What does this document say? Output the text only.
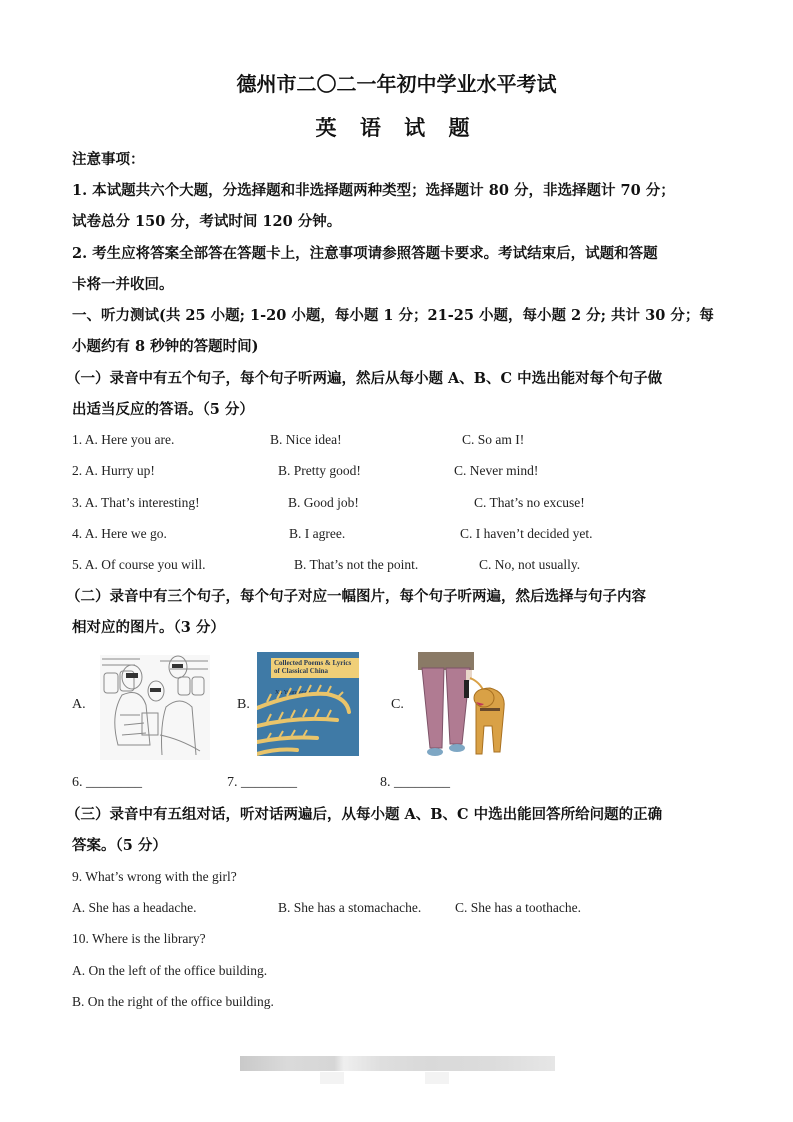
德州市二〇二一年初中学业水平考试
英 语 试 题
注意事项：
1. 本试题共六个大题，分选择题和非选择题两种类型；选择题计 80 分，非选择题计 70 分；
试卷总分 150 分，考试时间 120 分钟。
2. 考生应将答案全部答在答题卡上，注意事项请参照答题卡要求。考试结束后，试题和答题
卡将一并收回。
一、听力测试(共 25 小题; 1-20 小题，每小题 1 分；21-25 小题，每小题 2 分; 共计 30 分；每
小题约有 8 秒钟的答题时间)
（一）录音中有五个句子，每个句子听两遍，然后从每小题 A、B、C 中选出能对每个句子做
出适当反应的答语。（5 分）
1. A. Here you are.	B. Nice idea!	C. So am I!
2. A. Hurry up!	B. Pretty good!	C. Never mind!
3. A. That’s interesting!	B. Good job!	C. That’s no excuse!
4. A. Here we go.	B. I agree.	C. I haven’t decided yet.
5. A. Of course you will.	B. That’s not the point.	C. No, not usually.
（二）录音中有三个句子，每个句子对应一幅图片，每个句子听两遍，然后选择与句子内容
相对应的图片。（3 分）
A.	B.
Collected Poems & Lyrics
of Classical China
Xu Yuanchong
C.
6. ________	7. ________	8. ________
（三）录音中有五组对话，听对话两遍后，从每小题 A、B、C 中选出能回答所给问题的正确
答案。（5 分）
9. What’s wrong with the girl?
A. She has a headache.	B. She has a stomachache.	C. She has a toothache.
10. Where is the library?
A. On the left of the office building.
B. On the right of the office building.
